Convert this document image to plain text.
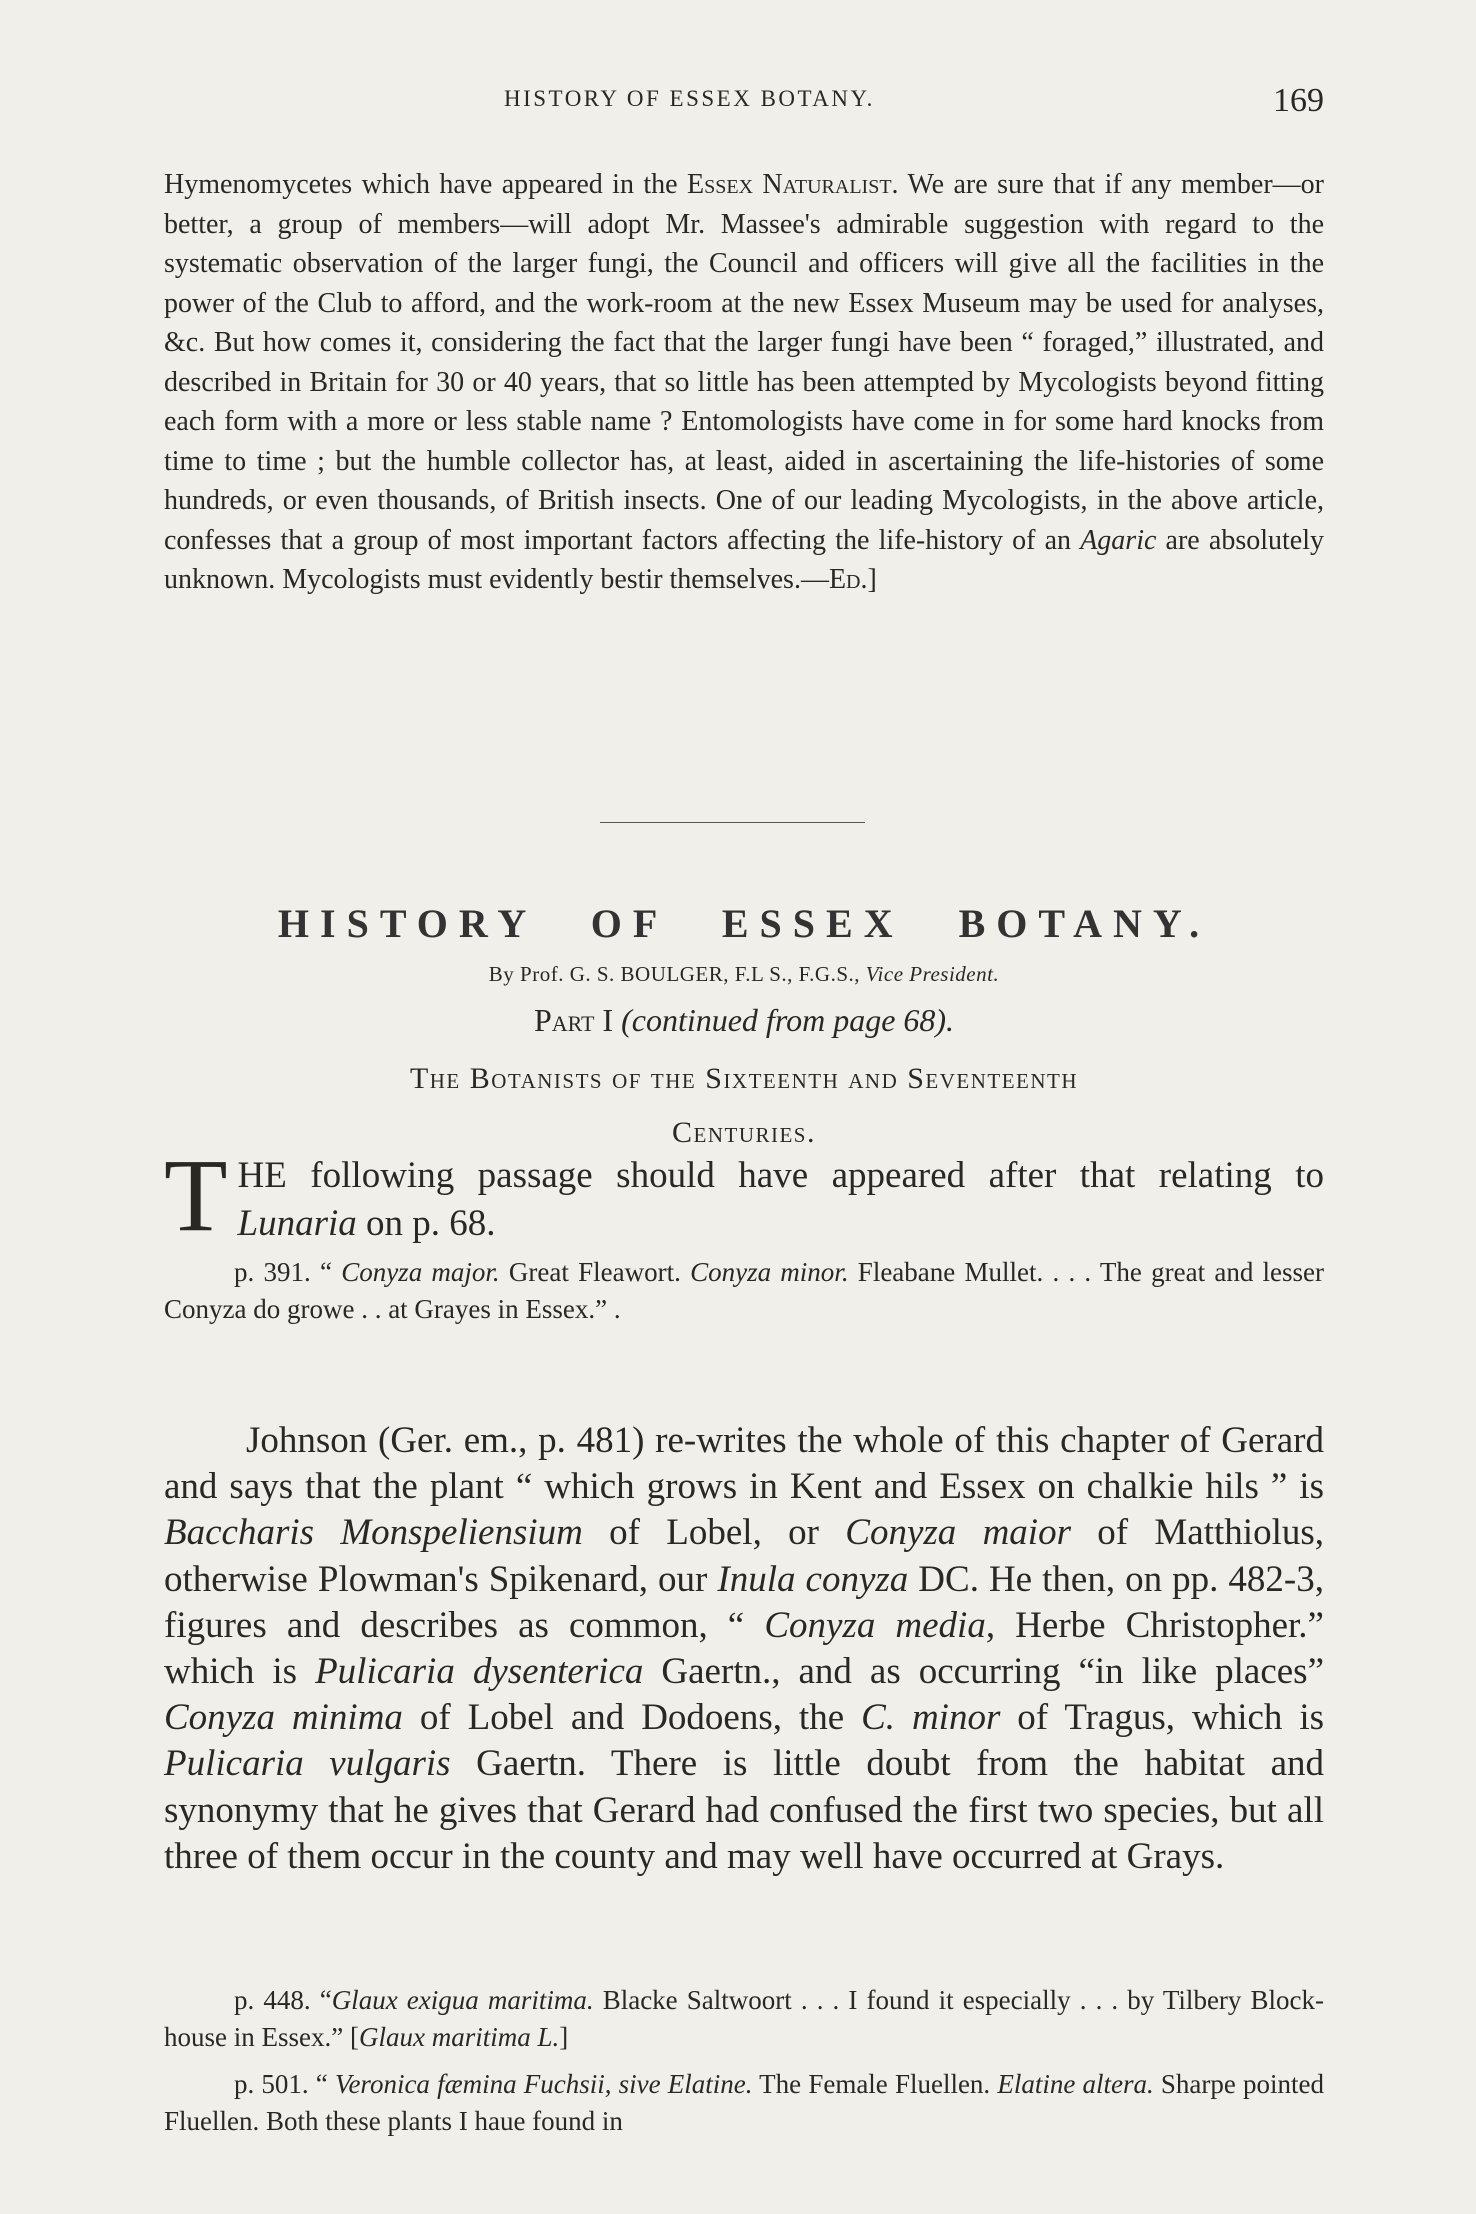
HISTORY OF ESSEX BOTANY.	169

Hymenomycetes which have appeared in the Essex Naturalist. We are sure that if any member—or better, a group of members—will adopt Mr. Massee's admirable suggestion with regard to the systematic observation of the larger fungi, the Council and officers will give all the facilities in the power of the Club to afford, and the work-room at the new Essex Museum may be used for analyses, &c. But how comes it, considering the fact that the larger fungi have been “ foraged,” illustrated, and described in Britain for 30 or 40 years, that so little has been attempted by Mycologists beyond fitting each form with a more or less stable name ? Entomologists have come in for some hard knocks from time to time ; but the humble collector has, at least, aided in ascertaining the life-histories of some hundreds, or even thousands, of British insects. One of our leading Mycologists, in the above article, confesses that a group of most important factors affecting the life-history of an Agaric are absolutely unknown. Mycologists must evidently bestir themselves.—Ed.]

HISTORY OF ESSEX BOTANY.
By Prof. G. S. BOULGER, F.L S., F.G.S., Vice President.
Part I (continued from page 68).
The Botanists of the Sixteenth and Seventeenth
Centuries.
T HE following passage should have appeared after that relating to Lunaria on p. 68.

p. 391. “ Conyza major. Great Fleawort. Conyza minor. Fleabane Mullet. . . . The great and lesser Conyza do growe . . at Grayes in Essex.” .

Johnson (Ger. em., p. 481) re-writes the whole of this chapter of Gerard and says that the plant “ which grows in Kent and Essex on chalkie hils ” is Baccharis Monspeliensium of Lobel, or Conyza maior of Matthiolus, otherwise Plowman's Spikenard, our Inula conyza DC. He then, on pp. 482-3, figures and describes as common, “ Conyza media, Herbe Christopher.” which is Pulicaria dysenterica Gaertn., and as occurring “in like places” Conyza minima of Lobel and Dodoens, the C. minor of Tragus, which is Pulicaria vulgaris Gaertn. There is little doubt from the habitat and synonymy that he gives that Gerard had confused the first two species, but all three of them occur in the county and may well have occurred at Grays.

p. 448. “Glaux exigua maritima. Blacke Saltwoort . . . I found it especially . . . by Tilbery Block-house in Essex.” [Glaux maritima L.]

p. 501. “ Veronica fæmina Fuchsii, sive Elatine. The Female Fluellen. Elatine altera. Sharpe pointed Fluellen. Both these plants I haue found in
